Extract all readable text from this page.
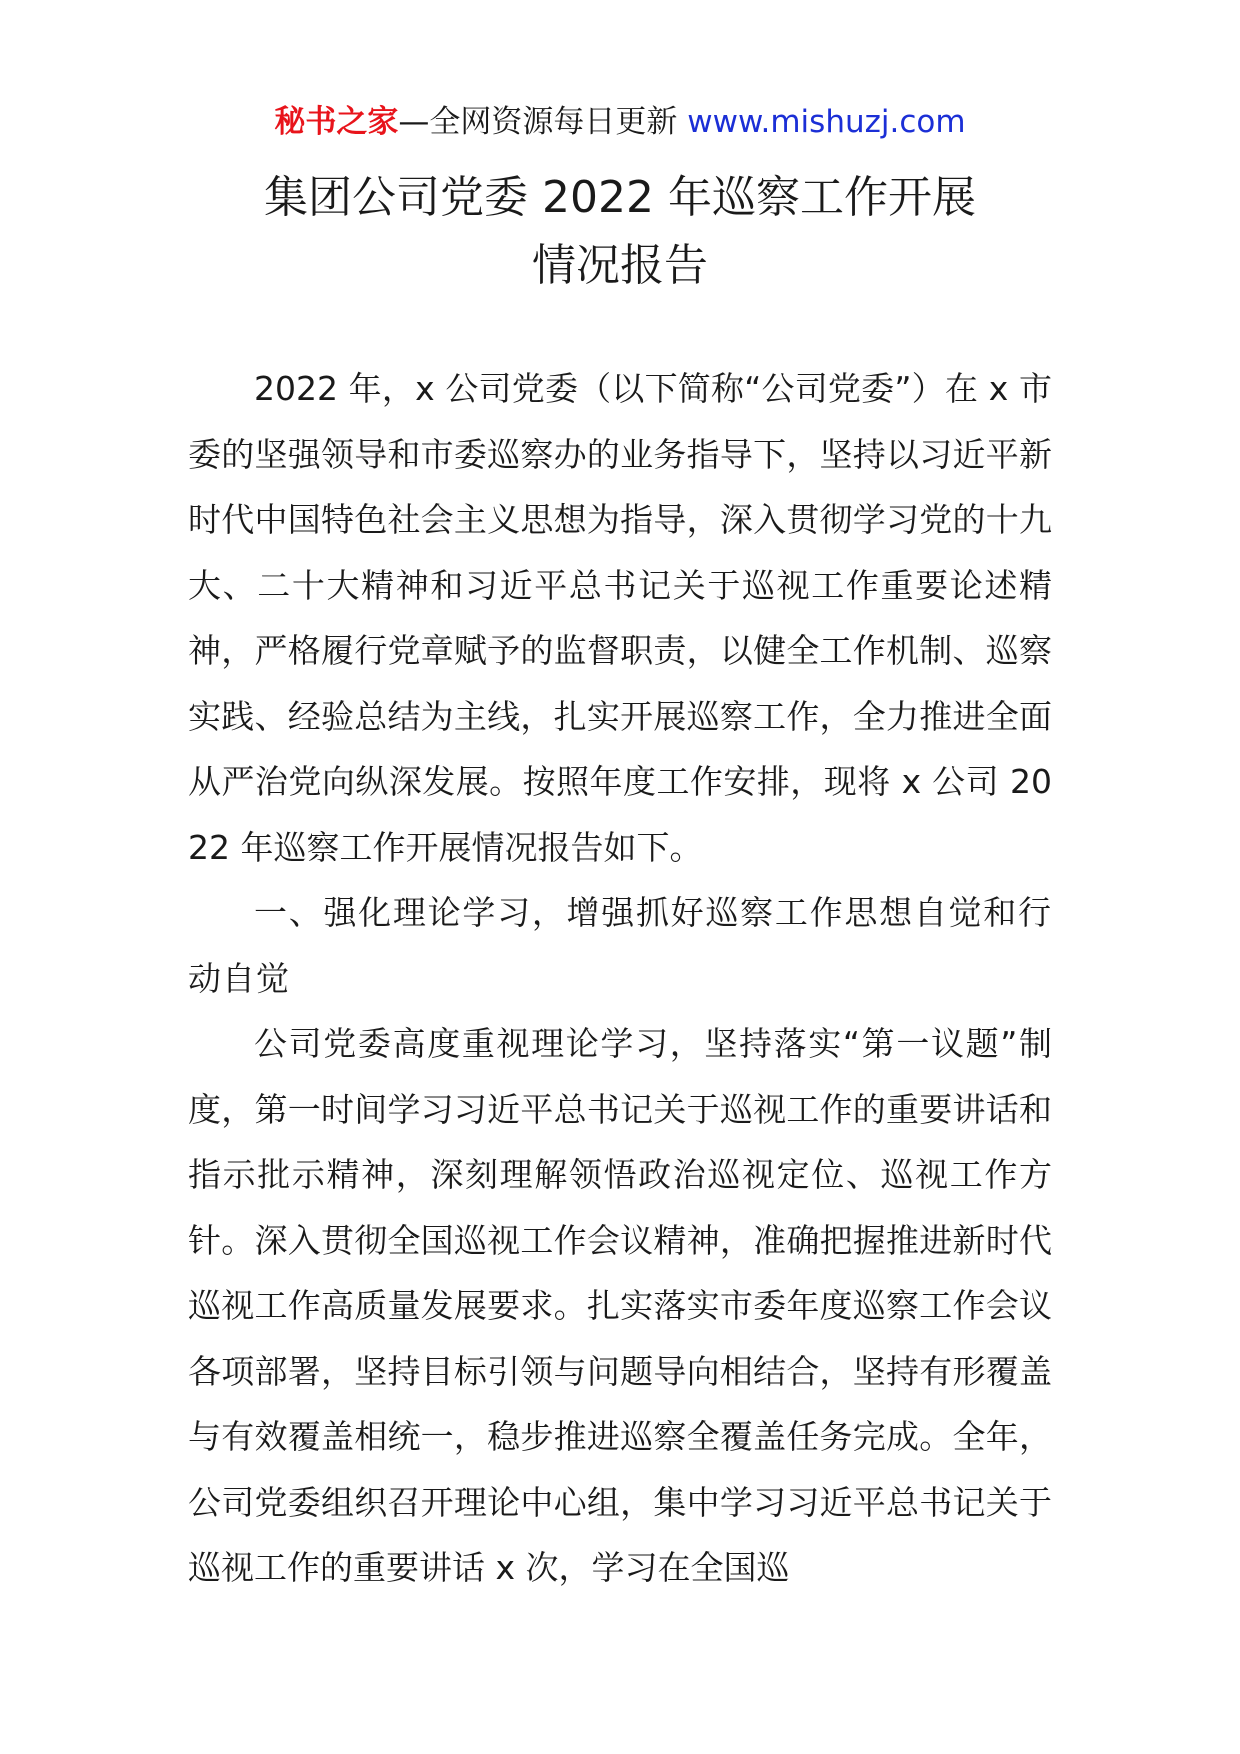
秘书之家—全网资源每日更新 www.mishuzj.com
集团公司党委 2022 年巡察工作开展
情况报告

2022 年，x 公司党委（以下简称“公司党委”）在 x 市委的坚强领导和市委巡察办的业务指导下，坚持以习近平新时代中国特色社会主义思想为指导，深入贯彻学习党的十九大、二十大精神和习近平总书记关于巡视工作重要论述精神，严格履行党章赋予的监督职责，以健全工作机制、巡察实践、经验总结为主线，扎实开展巡察工作，全力推进全面从严治党向纵深发展。按照年度工作安排，现将 x 公司 2022 年巡察工作开展情况报告如下。

一、强化理论学习，增强抓好巡察工作思想自觉和行动自觉

公司党委高度重视理论学习，坚持落实“第一议题”制度，第一时间学习习近平总书记关于巡视工作的重要讲话和指示批示精神，深刻理解领悟政治巡视定位、巡视工作方针。深入贯彻全国巡视工作会议精神，准确把握推进新时代巡视工作高质量发展要求。扎实落实市委年度巡察工作会议各项部署，坚持目标引领与问题导向相结合，坚持有形覆盖与有效覆盖相统一，稳步推进巡察全覆盖任务完成。全年，公司党委组织召开理论中心组，集中学习习近平总书记关于巡视工作的重要讲话 x 次，学习在全国巡
